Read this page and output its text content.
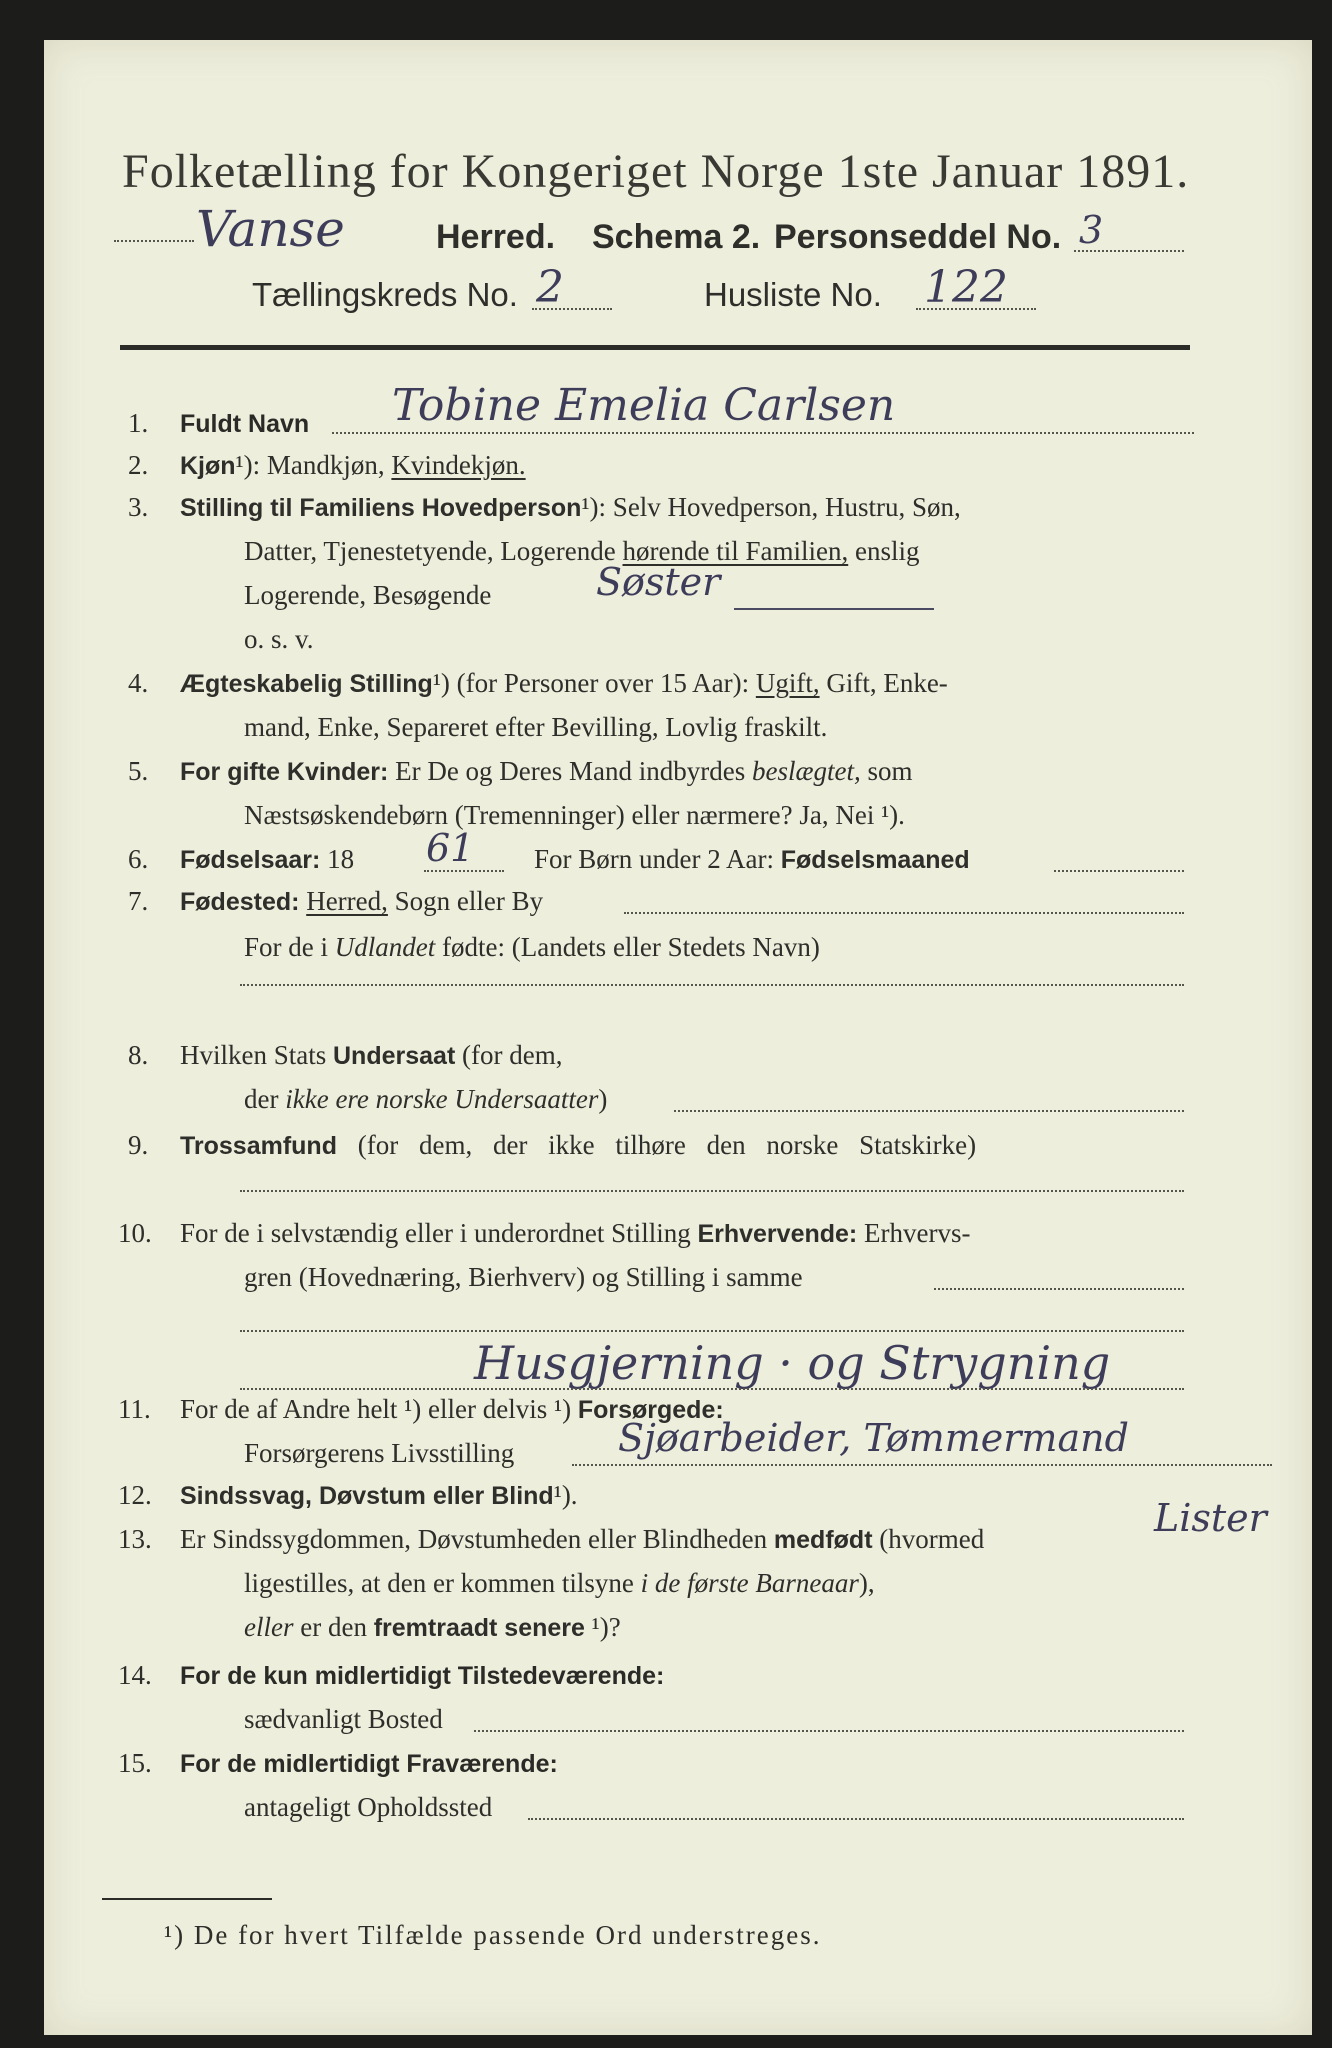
Folketælling for Kongeriget Norge 1ste Januar 1891.
Vanse	Herred. Schema 2. Personseddel No. 3
Tællingskreds No. 2	Husliste No. 122
1. Fuldt Navn Tobine Emelia Carlsen
2. Kjøn¹): Mandkjøn, Kvindekjøn.
3. Stilling til Familiens Hovedperson¹): Selv Hovedperson, Hustru, Søn,
Datter, Tjenestetyende, Logerende hørende til Familien, enslig
Logerende, Besøgende	Søster
o. s. v.
4. Ægteskabelig Stilling¹) (for Personer over 15 Aar): Ugift, Gift, Enke-
mand, Enke, Separeret efter Bevilling, Lovlig fraskilt.
5. For gifte Kvinder: Er De og Deres Mand indbyrdes beslægtet, som
Næstsøskendebørn (Tremenninger) eller nærmere? Ja, Nei ¹).
6. Fødselsaar: 18 61 For Børn under 2 Aar: Fødselsmaaned
7. Fødested: Herred, Sogn eller By
For de i Udlandet fødte: (Landets eller Stedets Navn)
8. Hvilken Stats Undersaat (for dem,
der ikke ere norske Undersaatter)
9. Trossamfund (for dem, der ikke tilhøre den norske Statskirke)
10. For de i selvstændig eller i underordnet Stilling Erhvervende: Erhvervs-
gren (Hovednæring, Bierhverv) og Stilling i samme
Husgjerning · og Strygning
11. For de af Andre helt ¹) eller delvis ¹) Forsørgede:
Forsørgerens Livsstilling	Sjøarbeider, Tømmermand
12. Sindssvag, Døvstum eller Blind¹).
13. Er Sindssygdommen, Døvstumheden eller Blindheden medfødt (hvormed	Lister
ligestilles, at den er kommen tilsyne i de første Barneaar),
eller er den fremtraadt senere ¹)?
14. For de kun midlertidigt Tilstedeværende:
sædvanligt Bosted
15. For de midlertidigt Fraværende:
antageligt Opholdssted
¹) De for hvert Tilfælde passende Ord understreges.
